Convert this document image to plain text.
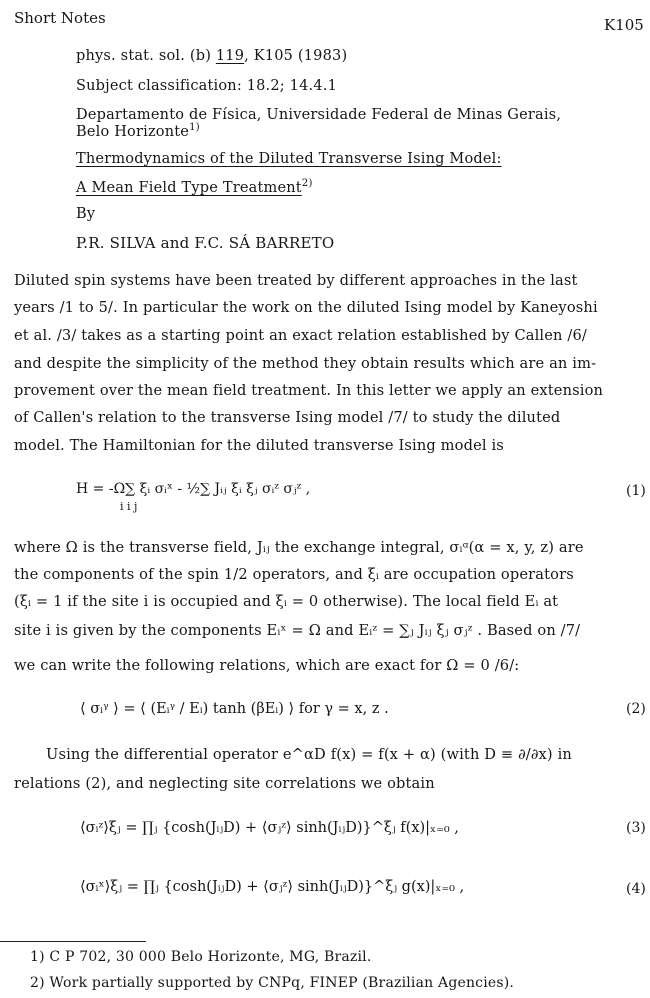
Short Notes	K105
phys. stat. sol. (b) 119, K105 (1983)
Subject classification: 18.2; 14.4.1
Departamento de Física, Universidade Federal de Minas Gerais,
Belo Horizonte$^{1)}$
Thermodynamics of the Diluted Transverse Ising Model:
A Mean Field Type Treatment$^{2)}$
By
P.R. SILVA and F.C. SÁ BARRETO
Diluted spin systems have been treated by different approaches in the last
years /1 to 5/. In particular the work on the diluted Ising model by Kaneyoshi
et al. /3/ takes as a starting point an exact relation established by Callen /6/
and despite the simplicity of the method they obtain results which are an im-
provement over the mean field treatment. In this letter we apply an extension
of Callen's relation to the transverse Ising model /7/ to study the diluted
model. The Hamiltonian for the diluted transverse Ising model is
H = -Ω∑ ξᵢ σᵢˣ - ½∑ Jᵢⱼ ξᵢ ξⱼ σᵢᶻ σⱼᶻ ,
i i j
(1)
where Ω is the transverse field, Jᵢⱼ the exchange integral, σᵢᵅ(α = x, y, z) are
the components of the spin 1/2 operators, and ξᵢ are occupation operators
(ξᵢ = 1 if the site i is occupied and ξᵢ = 0 otherwise). The local field Eᵢ at
site i is given by the components Eᵢˣ = Ω and Eᵢᶻ = ∑ⱼ Jᵢⱼ ξⱼ σⱼᶻ . Based on /7/
we can write the following relations, which are exact for Ω = 0 /6/:
⟨ σᵢᵞ ⟩ = ⟨ (Eᵢᵞ / Eᵢ) tanh (βEᵢ) ⟩ for γ = x, z .	(2)
Using the differential operator e^αD f(x) = f(x + α) (with D ≡ ∂/∂x) in
relations (2), and neglecting site correlations we obtain
⟨σᵢᶻ⟩ξⱼ = ∏ⱼ {cosh(JᵢⱼD) + ⟨σⱼᶻ⟩ sinh(JᵢⱼD)}^ξⱼ f(x)|ₓ₌₀ ,	(3)
⟨σᵢˣ⟩ξⱼ = ∏ⱼ {cosh(JᵢⱼD) + ⟨σⱼᶻ⟩ sinh(JᵢⱼD)}^ξⱼ g(x)|ₓ₌₀ ,	(4)
1) C P 702, 30 000 Belo Horizonte, MG, Brazil.
2) Work partially supported by CNPq, FINEP (Brazilian Agencies).
